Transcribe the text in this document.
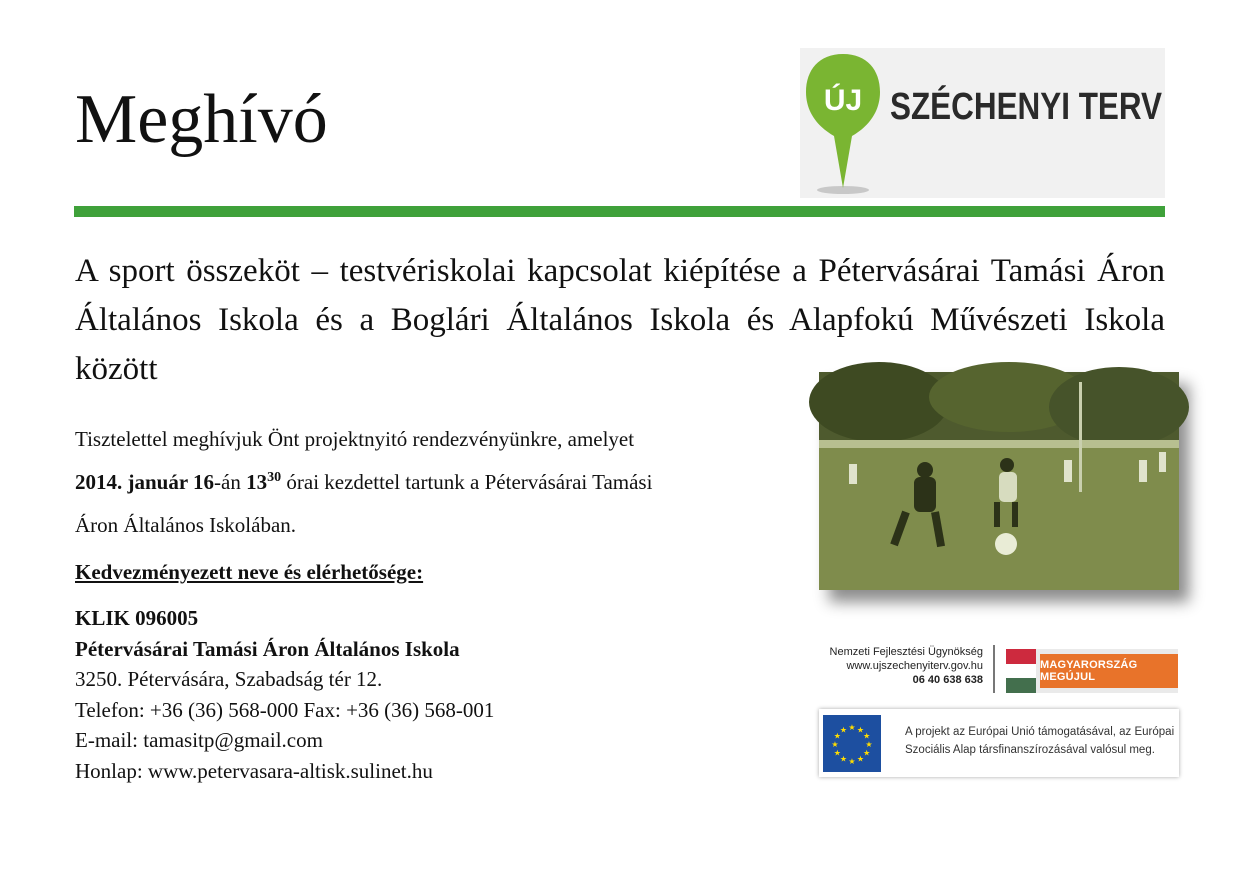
Meghívó	ÚJ SZÉCHENYI TERV

A sport összeköt – testvériskolai kapcsolat kiépítése a Pétervásárai Tamási Áron Általános Iskola és a Boglári Általános Iskola és Alapfokú Művészeti Iskola között

Tisztelettel meghívjuk Önt projektnyitó rendezvényünkre, amelyet
2014. január 16-án $13^{30}$ órai kezdettel tartunk a Pétervásárai Tamási
Áron Általános Iskolában.
Kedvezményezett neve és elérhetősége:
KLIK 096005
Pétervásárai Tamási Áron Általános Iskola
3250. Pétervására, Szabadság tér 12.
Telefon: +36 (36) 568-000 Fax: +36 (36) 568-001
E-mail: tamasitp@gmail.com
Honlap: www.petervasara-altisk.sulinet.hu
Nemzeti Fejlesztési Ügynökség
www.ujszechenyiterv.gov.hu
06 40 638 638
MAGYARORSZÁG MEGÚJUL
★ ★
★
★
★
★
★
★
★
★
★
★	A projekt az Európai Unió támogatásával, az Európai
Szociális Alap társfinanszírozásával valósul meg.
